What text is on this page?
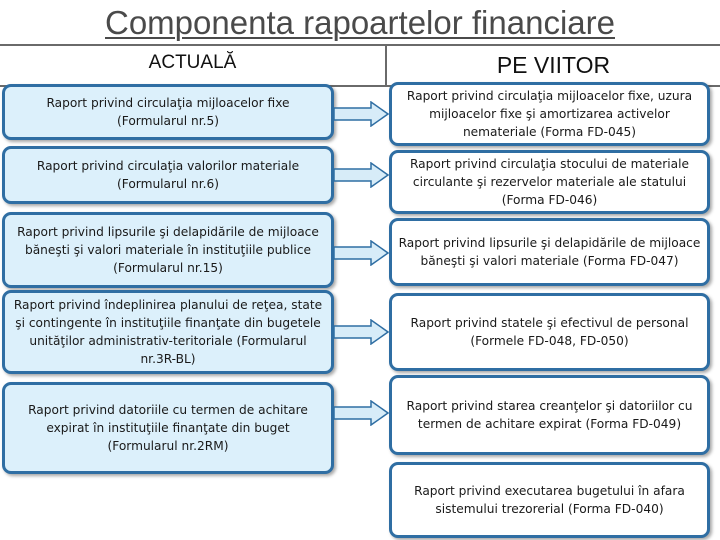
Componenta rapoartelor financiare
ACTUALĂ	PE VIITOR
Raport privind circulaţia mijloacelor fixe (Formularul nr.5)
Raport privind circulaţia valorilor materiale (Formularul nr.6)
Raport privind lipsurile şi delapidările de mijloace băneşti şi valori materiale în instituţiile publice (Formularul nr.15)
Raport privind îndeplinirea planului de reţea, state şi contingente în instituţiile finanţate din bugetele unităţilor administrativ-teritoriale (Formularul nr.3R-BL)
Raport privind datoriile cu termen de achitare expirat în instituţiile finanţate din buget (Formularul nr.2RM)
Raport privind circulaţia mijloacelor fixe, uzura mijloacelor fixe şi amortizarea activelor nemateriale (Forma FD-045)
Raport privind circulaţia stocului de materiale circulante şi rezervelor materiale ale statului (Forma FD-046)
Raport privind lipsurile şi delapidările de mijloace băneşti şi valori materiale (Forma FD-047)
Raport privind statele şi efectivul de personal (Formele FD-048, FD-050)
Raport privind starea creanţelor şi datoriilor cu termen de achitare expirat (Forma FD-049)
Raport privind executarea bugetului în afara sistemului trezorerial (Forma FD-040)
